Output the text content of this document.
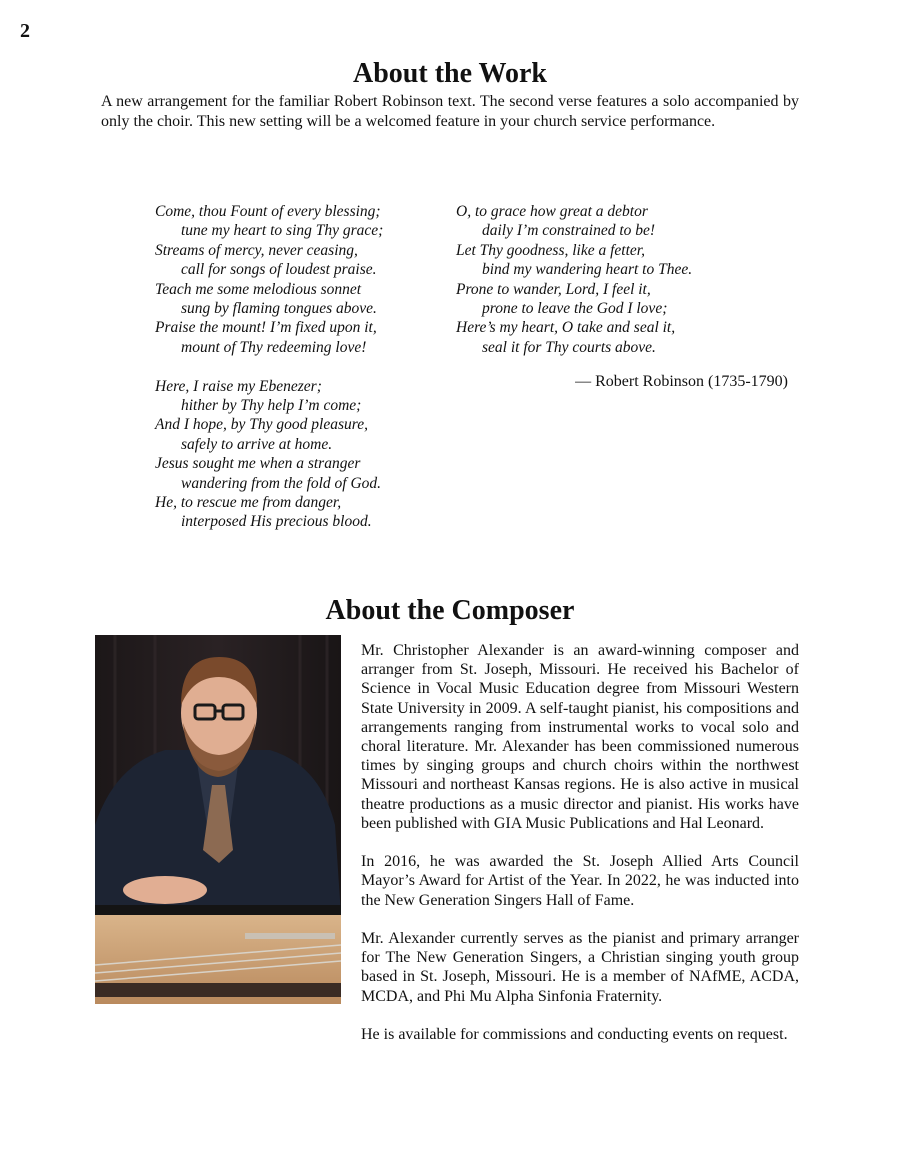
2
About the Work

A new arrangement for the familiar Robert Robinson text. The second verse features a solo accompanied by only the choir. This new setting will be a welcomed feature in your church service performance.

Come, thou Fount of every blessing;
tune my heart to sing Thy grace;
Streams of mercy, never ceasing,
call for songs of loudest praise.
Teach me some melodious sonnet
sung by flaming tongues above.
Praise the mount! I’m fixed upon it,
mount of Thy redeeming love!
Here, I raise my Ebenezer;
hither by Thy help I’m come;
And I hope, by Thy good pleasure,
safely to arrive at home.
Jesus sought me when a stranger
wandering from the fold of God.
He, to rescue me from danger,
interposed His precious blood.
O, to grace how great a debtor
daily I’m constrained to be!
Let Thy goodness, like a fetter,
bind my wandering heart to Thee.
Prone to wander, Lord, I feel it,
prone to leave the God I love;
Here’s my heart, O take and seal it,
seal it for Thy courts above.
— Robert Robinson (1735-1790)
About the Composer

Mr. Christopher Alexander is an award-winning composer and arranger from St. Joseph, Missouri. He received his Bachelor of Science in Vocal Music Education degree from Missouri Western State University in 2009. A self-taught pianist, his compositions and arrangements ranging from instrumental works to vocal solo and choral literature. Mr. Alexander has been commissioned numerous times by singing groups and church choirs within the northwest Missouri and northeast Kansas regions. He is also active in musical theatre productions as a music director and pianist. His works have been published with GIA Music Publications and Hal Leonard.

In 2016, he was awarded the St. Joseph Allied Arts Council Mayor’s Award for Artist of the Year. In 2022, he was inducted into the New Generation Singers Hall of Fame.

Mr. Alexander currently serves as the pianist and primary arranger for The New Generation Singers, a Christian singing youth group based in St. Joseph, Missouri. He is a member of NAfME, ACDA, MCDA, and Phi Mu Alpha Sinfonia Fraternity.

He is available for commissions and conducting events on request.
